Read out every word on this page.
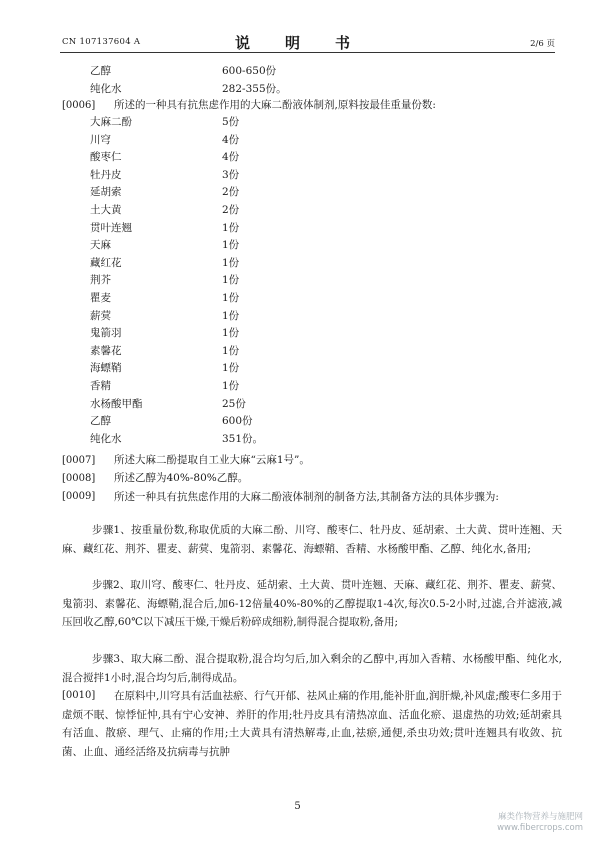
CN 107137604 A	说　明　书	2/6 页
乙醇	600-650份
纯化水	282-355份。
[0006]	所述的一种具有抗焦虑作用的大麻二酚液体制剂,原料按最佳重量份数:
大麻二酚	5份
川穹	4份
酸枣仁	4份
牡丹皮	3份
延胡索	2份
土大黄	2份
贯叶连翘	1份
天麻	1份
藏红花	1份
荆芥	1份
瞿麦	1份
薪蓂	1份
鬼箭羽	1份
素馨花	1份
海螵鞘	1份
香精	1份
水杨酸甲酯	25份
乙醇	600份
纯化水	351份。
[0007]	所述大麻二酚提取自工业大麻“云麻1号”。
[0008]	所述乙醇为40%-80%乙醇。
[0009]	所述一种具有抗焦虑作用的大麻二酚液体制剂的制备方法,其制备方法的具体步骤为:
步骤1、按重量份数,称取优质的大麻二酚、川穹、酸枣仁、牡丹皮、延胡索、土大黄、贯叶连翘、天麻、藏红花、荆芥、瞿麦、薪蓂、鬼箭羽、素馨花、海螵鞘、香精、水杨酸甲酯、乙醇、纯化水,备用;
步骤2、取川穹、酸枣仁、牡丹皮、延胡索、土大黄、贯叶连翘、天麻、藏红花、荆芥、瞿麦、薪蓂、鬼箭羽、素馨花、海螵鞘,混合后,加6-12倍量40%-80%的乙醇提取1-4次,每次0.5-2小时,过滤,合并滤液,减压回收乙醇,60℃以下减压干燥,干燥后粉碎成细粉,制得混合提取粉,备用;
步骤3、取大麻二酚、混合提取粉,混合均匀后,加入剩余的乙醇中,再加入香精、水杨酸甲酯、纯化水,混合搅拌1小时,混合均匀后,制得成品。
[0010]	在原料中,川穹具有活血祛瘀、行气开郁、祛风止痛的作用,能补肝血,润肝燥,补风虚;酸枣仁多用于虚烦不眠、惊悸怔忡,具有宁心安神、养肝的作用;牡丹皮具有清热凉血、活血化瘀、退虚热的功效;延胡索具有活血、散瘀、理气、止痛的作用;土大黄具有清热解毒,止血,祛瘀,通便,杀虫功效;贯叶连翘具有收敛、抗菌、止血、通经活络及抗病毒与抗肿
5
麻类作物营养与施肥网
www.fibercrops.com
